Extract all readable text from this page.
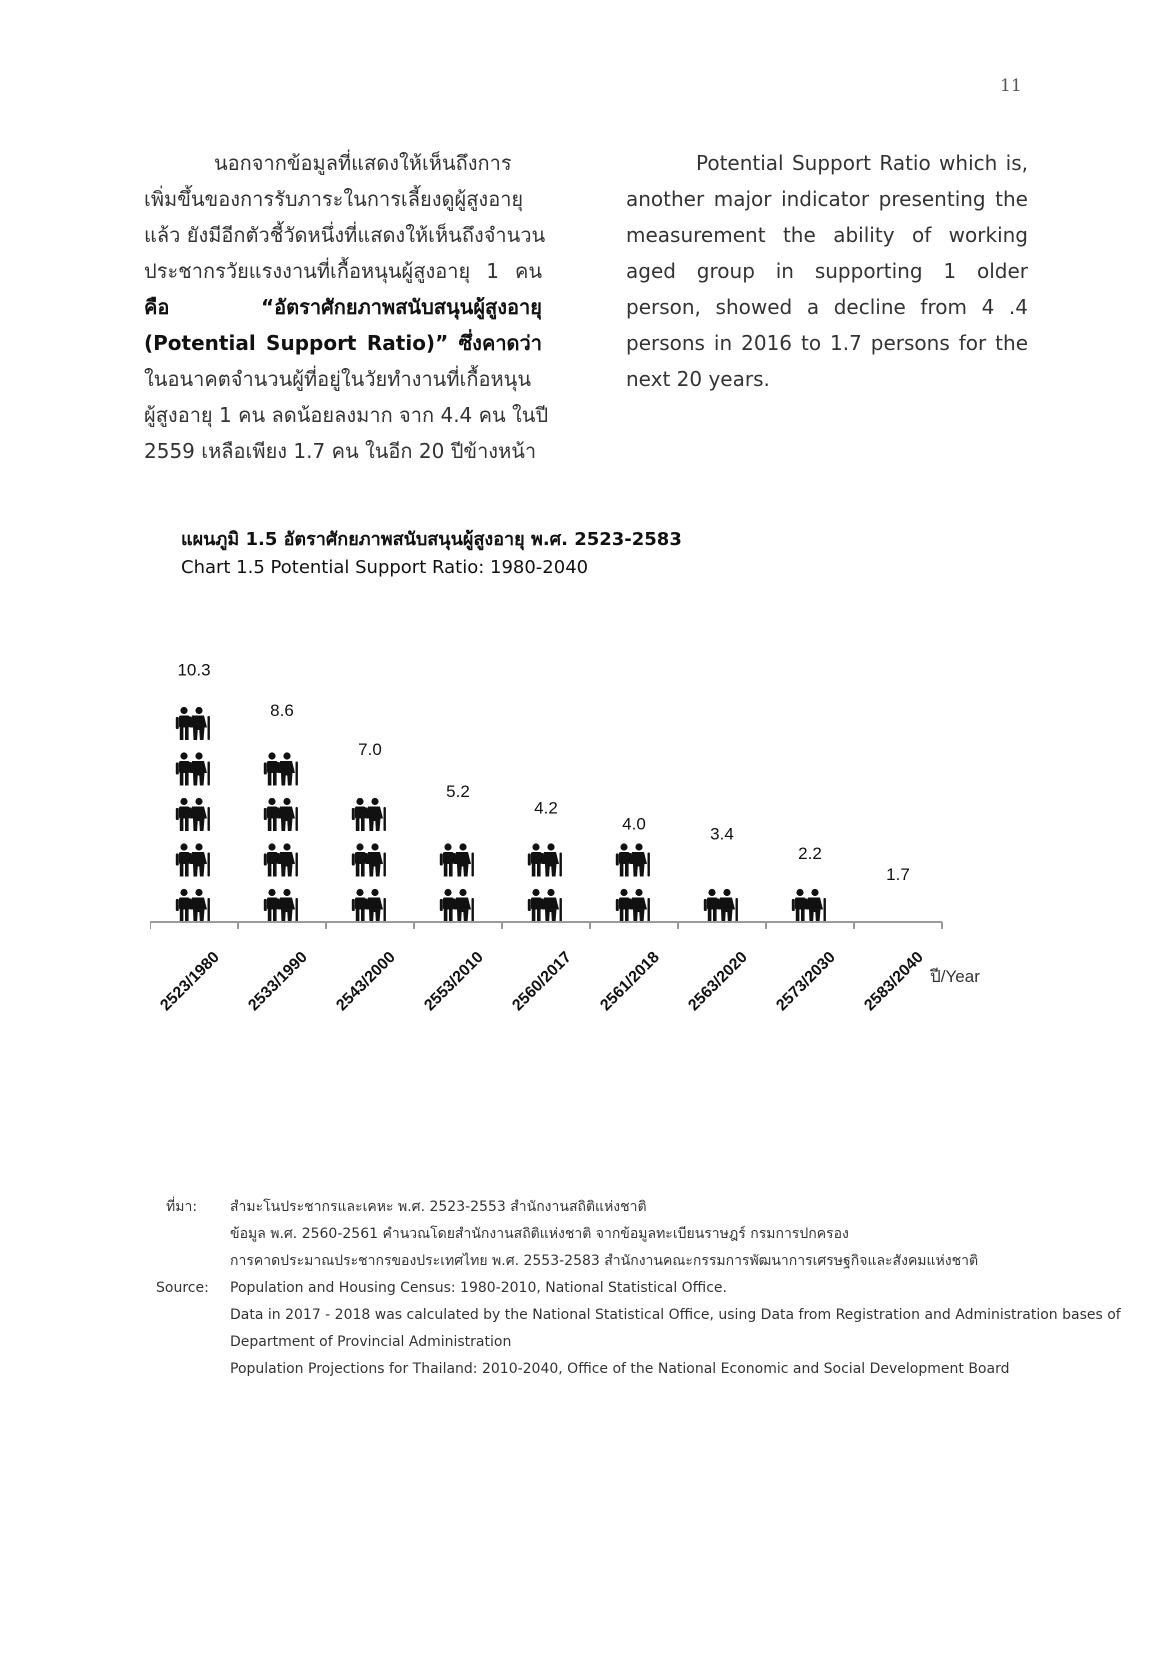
11

นอกจากข้อมูลที่แสดงให้เห็นถึงการ
เพิ่มขึ้นของการรับภาระในการเลี้ยงดูผู้สูงอายุ
แล้ว ยังมีอีกตัวชี้วัดหนึ่งที่แสดงให้เห็นถึงจำนวน
ประชากรวัยแรงงานที่เกื้อหนุนผู้สูงอายุ 1 คน
คือ “อัตราศักยภาพสนับสนุนผู้สูงอายุ
(Potential Support Ratio)” ซึ่งคาดว่า
ในอนาคตจำนวนผู้ที่อยู่ในวัยทำงานที่เกื้อหนุน
ผู้สูงอายุ 1 คน ลดน้อยลงมาก จาก 4.4 คน ในปี
2559 เหลือเพียง 1.7 คน ในอีก 20 ปีข้างหน้า

Potential Support Ratio which is,
another major indicator presenting the
measurement the ability of working
aged group in supporting 1 older
person, showed a decline from 4 .4
persons in 2016 to 1.7 persons for the
next 20 years.

แผนภูมิ 1.5 อัตราศักยภาพสนับสนุนผู้สูงอายุ พ.ศ. 2523-2583
Chart 1.5 Potential Support Ratio: 1980-2040
10.3
8.6
7.0
5.2
4.2
4.0
3.4
2.2
1.7
2523/1980 2533/1990 2543/2000 2553/2010 2560/2017 2561/2018 2563/2020 2573/2030 2583/2040 ปี/Year
ที่มา: สำมะโนประชากรและเคหะ พ.ศ. 2523-2553 สำนักงานสถิติแห่งชาติ
ข้อมูล พ.ศ. 2560-2561 คำนวณโดยสำนักงานสถิติแห่งชาติ จากข้อมูลทะเบียนราษฎร์ กรมการปกครอง
การคาดประมาณประชากรของประเทศไทย พ.ศ. 2553-2583 สำนักงานคณะกรรมการพัฒนาการเศรษฐกิจและสังคมแห่งชาติ
Source: Population and Housing Census: 1980-2010, National Statistical Office.
Data in 2017 - 2018 was calculated by the National Statistical Office, using Data from Registration and Administration bases of
Department of Provincial Administration
Population Projections for Thailand: 2010-2040, Office of the National Economic and Social Development Board
